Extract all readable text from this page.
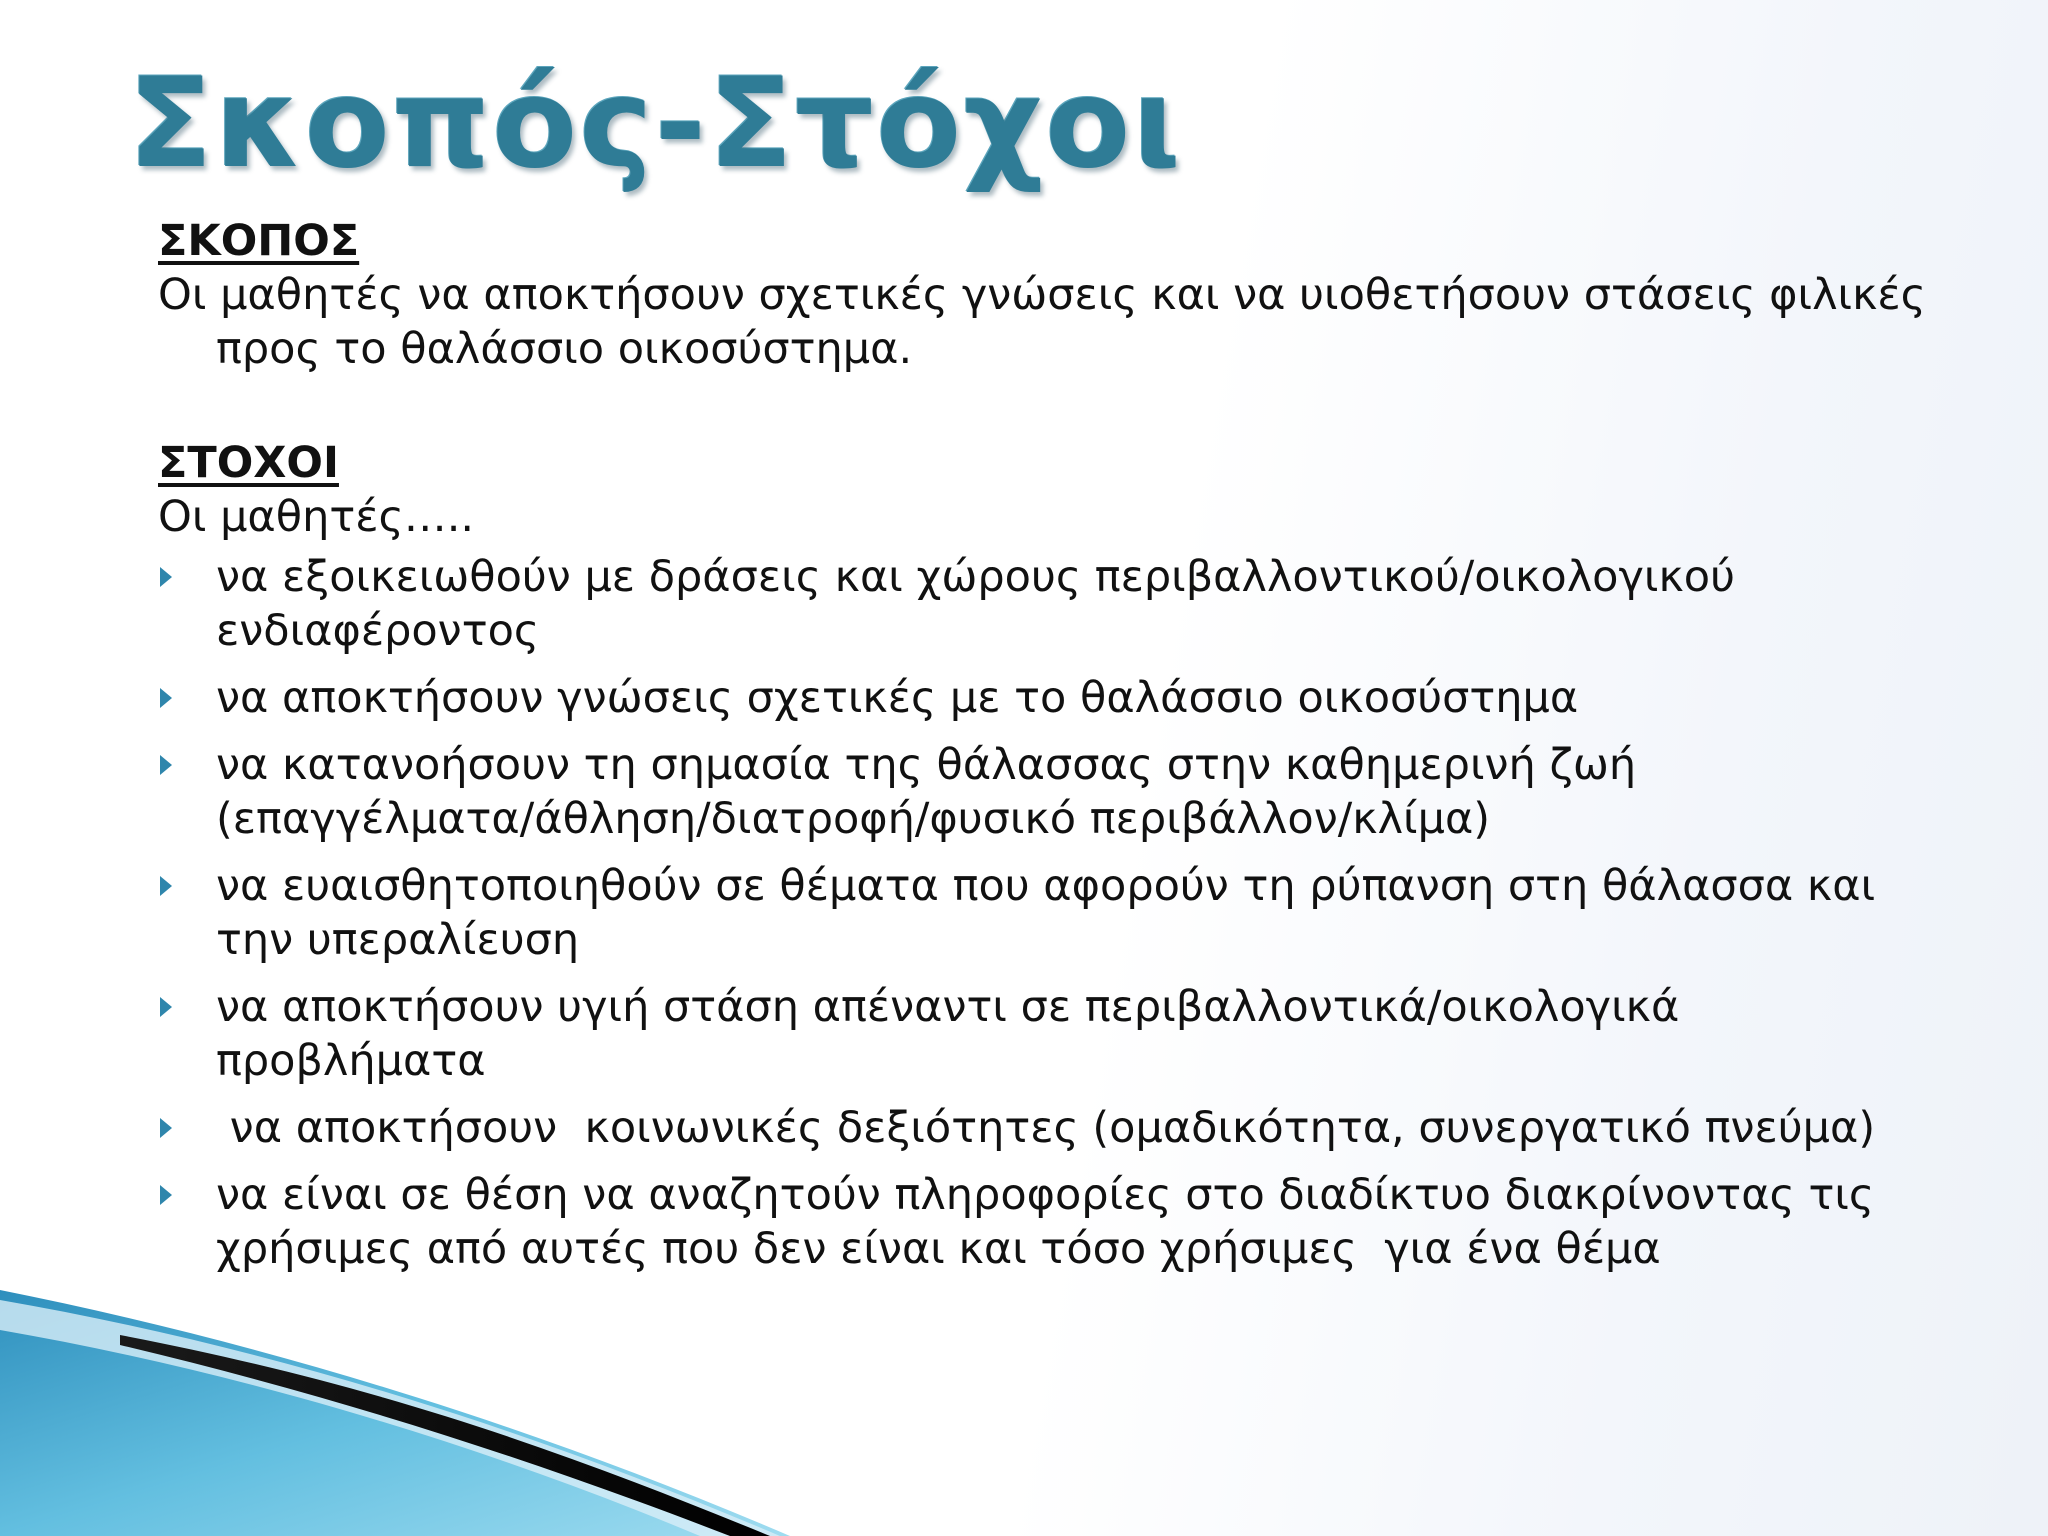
Σκοπός-Στόχοι

ΣΚΟΠΟΣ

Οι μαθητές να αποκτήσουν σχετικές γνώσεις και να υιοθετήσουν στάσεις φιλικές προς το θαλάσσιο οικοσύστημα.

ΣΤΟΧΟΙ

Οι μαθητές…..

να εξοικειωθούν με δράσεις και χώρους περιβαλλοντικού/οικολογικού ενδιαφέροντος
να αποκτήσουν γνώσεις σχετικές με το θαλάσσιο οικοσύστημα
να κατανοήσουν τη σημασία της θάλασσας στην καθημερινή ζωή   (επαγγέλματα/άθληση/διατροφή/φυσικό περιβάλλον/κλίμα)
να ευαισθητοποιηθούν σε θέματα που αφορούν τη ρύπανση στη θάλασσα και την υπεραλίευση
να αποκτήσουν υγιή στάση απέναντι σε περιβαλλοντικά/οικολογικά προβλήματα
να αποκτήσουν  κοινωνικές δεξιότητες (ομαδικότητα, συνεργατικό πνεύμα)
να είναι σε θέση να αναζητούν πληροφορίες στο διαδίκτυο διακρίνοντας τις  χρήσιμες από αυτές που δεν είναι και τόσο χρήσιμες  για ένα θέμα
